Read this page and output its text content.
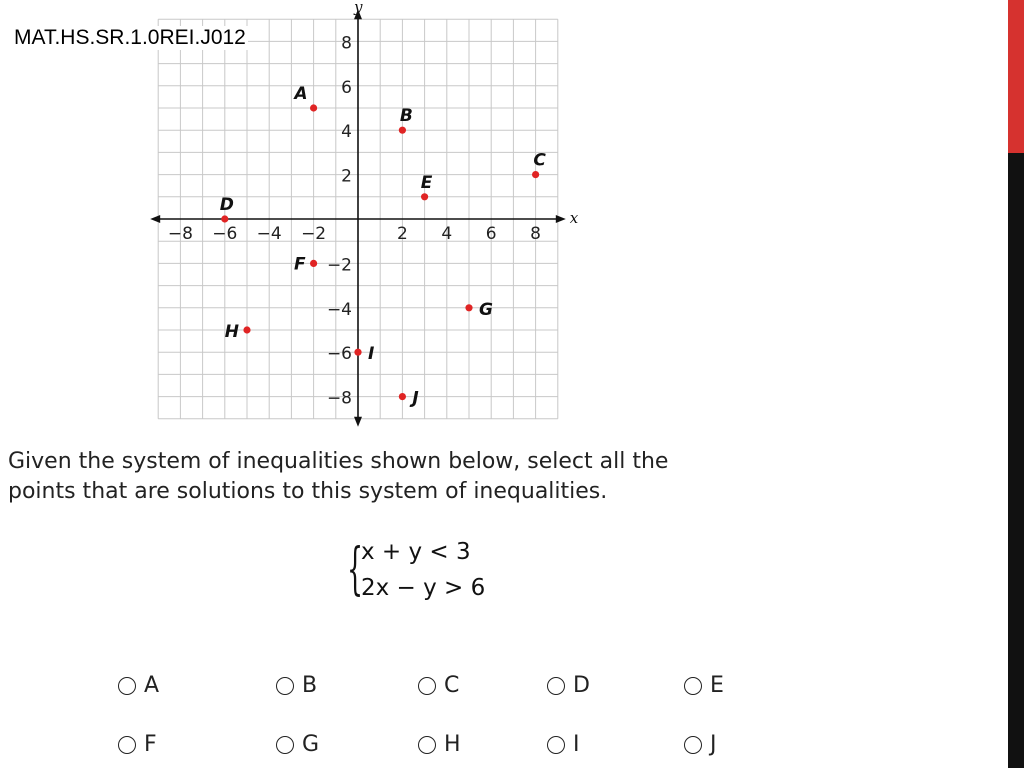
MAT.HS.SR.1.0REI.J012
x
y
−8 −6 −4 −2	2 4 6 8
8
6
4
2
−2
−4
−6
−8
A
B
C
D
E
F
G
H
I
J
Given the system of inequalities shown below, select all the
points that are solutions to this system of inequalities.
{
x + y < 3
2x − y > 6
A	B	C	D	E
F	G	H	I	J
